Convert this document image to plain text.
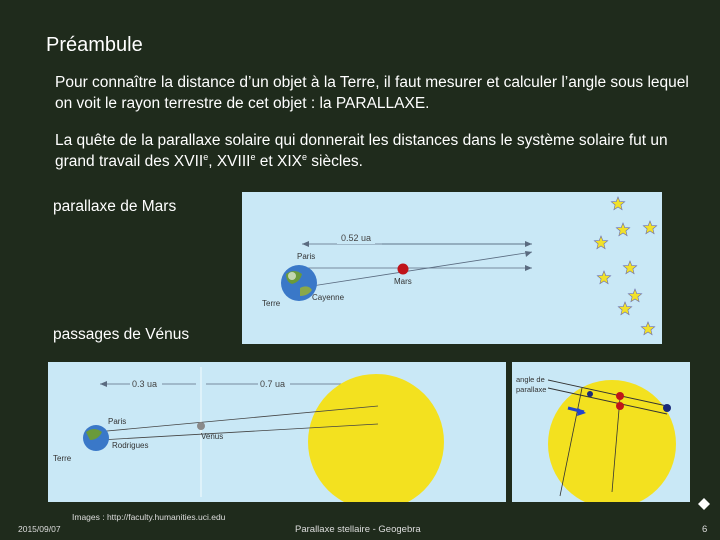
Préambule
Pour connaître la distance d’un objet à la Terre, il faut mesurer et calculer l’angle sous lequel on voit le rayon terrestre de cet objet : la PARALLAXE.
La quête de la parallaxe solaire qui donnerait les distances dans le système solaire fut un grand travail des XVIIe, XVIIIe et XIXe siècles.
parallaxe de Mars
passages de Vénus
0.52 ua
Paris
Cayenne
Terre
Mars
0.3 ua	0.7 ua
Paris
Rodrigues
Terre
Venus
angle de
parallaxe
Images : http://faculty.humanities.uci.edu
2015/09/07	Parallaxe stellaire - Geogebra	6
